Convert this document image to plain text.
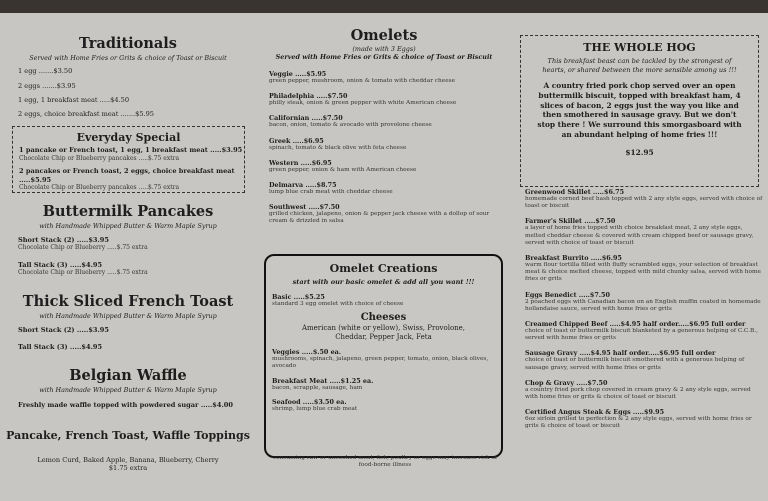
Traditionals
Served with Home Fries or Grits & choice of Toast or Biscuit
1 egg .......$3.50
2 eggs .......$3.95
1 egg, 1 breakfast meat .....$4.50
2 eggs, choice breakfast meat .......$5.95
Everyday Special
1 pancake or French toast, 1 egg, 1 breakfast meat .....$3.95
Chocolate Chip or Blueberry pancakes .....$.75 extra
2 pancakes or French toast, 2 eggs, choice breakfast meat .....$5.95
Chocolate Chip or Blueberry pancakes .....$.75 extra
Buttermilk Pancakes
with Handmade Whipped Butter & Warm Maple Syrup
Short Stack (2) .....$3.95
Chocolate Chip or Blueberry .....$.75 extra
Tall Stack (3) .....$4.95
Chocolate Chip or Blueberry .....$.75 extra
Thick Sliced French Toast
with Handmade Whipped Butter & Warm Maple Syrup
Short Stack (2) .....$3.95
Tall Stack (3) .....$4.95
Belgian Waffle
with Handmade Whipped Butter & Warm Maple Syrup
Freshly made waffle topped with powdered sugar .....$4.00
Pancake, French Toast, Waffle Toppings
Lemon Curd, Baked Apple, Banana, Blueberry, Cherry
$1.75 extra
Omelets
(made with 3 Eggs)
Served with Home Fries or Grits & choice of Toast or Biscuit
Veggie .....$5.95
green pepper, mushroom, onion & tomato with cheddar cheese
Philadelphia .....$7.50
philly steak, onion & green pepper with white American cheese
Californian .....$7.50
bacon, onion, tomato & avocado with provolone cheese
Greek .....$6.95
spinach, tomato & black olive with feta cheese
Western .....$6.95
green pepper, onion & ham with American cheese
Delmarva .....$8.75
lump blue crab meat with cheddar cheese
Southwest .....$7.50
grilled chicken, jalapeno, onion & pepper jack cheese with a dollop of sour cream & drizzled in salsa
Omelet Creations
start with our basic omelet & add all you want !!!
Basic .....$5.25
standard 3 egg omelet with choice of cheese
Cheeses
American (white or yellow), Swiss, Provolone, Cheddar, Pepper Jack, Feta
Veggies .....$.50 ea.
mushrooms, spinach, jalapeno, green pepper, tomato, onion, black olives, avocado
Breakfast Meat .....$1.25 ea.
bacon, scrapple, sausage, ham
Seafood .....$3.50 ea.
shrimp, lump blue crab meat
consuming raw or uncooked meat, fish, poultry or eggs may increase risk of food-borne illness
THE WHOLE HOG
This breakfast beast can be tackled by the strongest of hearts, or shared between the more sensible among us !!!
A country fried pork chop served over an open buttermilk biscuit, topped with breakfast ham, 4 slices of bacon, 2 eggs just the way you like and then smothered in sausage gravy. But we don't stop there ! We surround this smorgasboard with an abundant helping of home fries !!!
$12.95
Greenwood Skillet .....$6.75
homemade corned beef hash topped with 2 any style eggs, served with choice of toast or biscuit
Farmer's Skillet .....$7.50
a layer of home fries topped with choice breakfast meat, 2 any style eggs, melted cheddar cheese & covered with cream chipped beef or sausage gravy, served with choice of toast or biscuit
Breakfast Burrito .....$6.95
warm flour tortilla filled with fluffy scrambled eggs, your selection of breakfast meat & choice melted cheese, topped with mild chunky salsa, served with home fries or grits
Eggs Benedict .....$7.50
2 poached eggs with Canadian bacon on an English muffin coated in homemade hollandaise sauce, served with home fries or grits
Creamed Chipped Beef .....$4.95 half order.....$6.95 full order
choice of toast or buttermilk biscuit blanketed by a generous helping of C.C.B., served with home fries or grits
Sausage Gravy .....$4.95 half order.....$6.95 full order
choice of toast or buttermilk biscuit smothered with a generous helping of sausage gravy, served with home fries or grits
Chop & Gravy .....$7.50
a country fried pork chop covered in cream gravy & 2 any style eggs, served with home fries or grits & choice of toast or biscuit
Certified Angus Steak & Eggs .....$9.95
6oz sirloin grilled to perfection & 2 any style eggs, served with home fries or grits & choice of toast or biscuit
